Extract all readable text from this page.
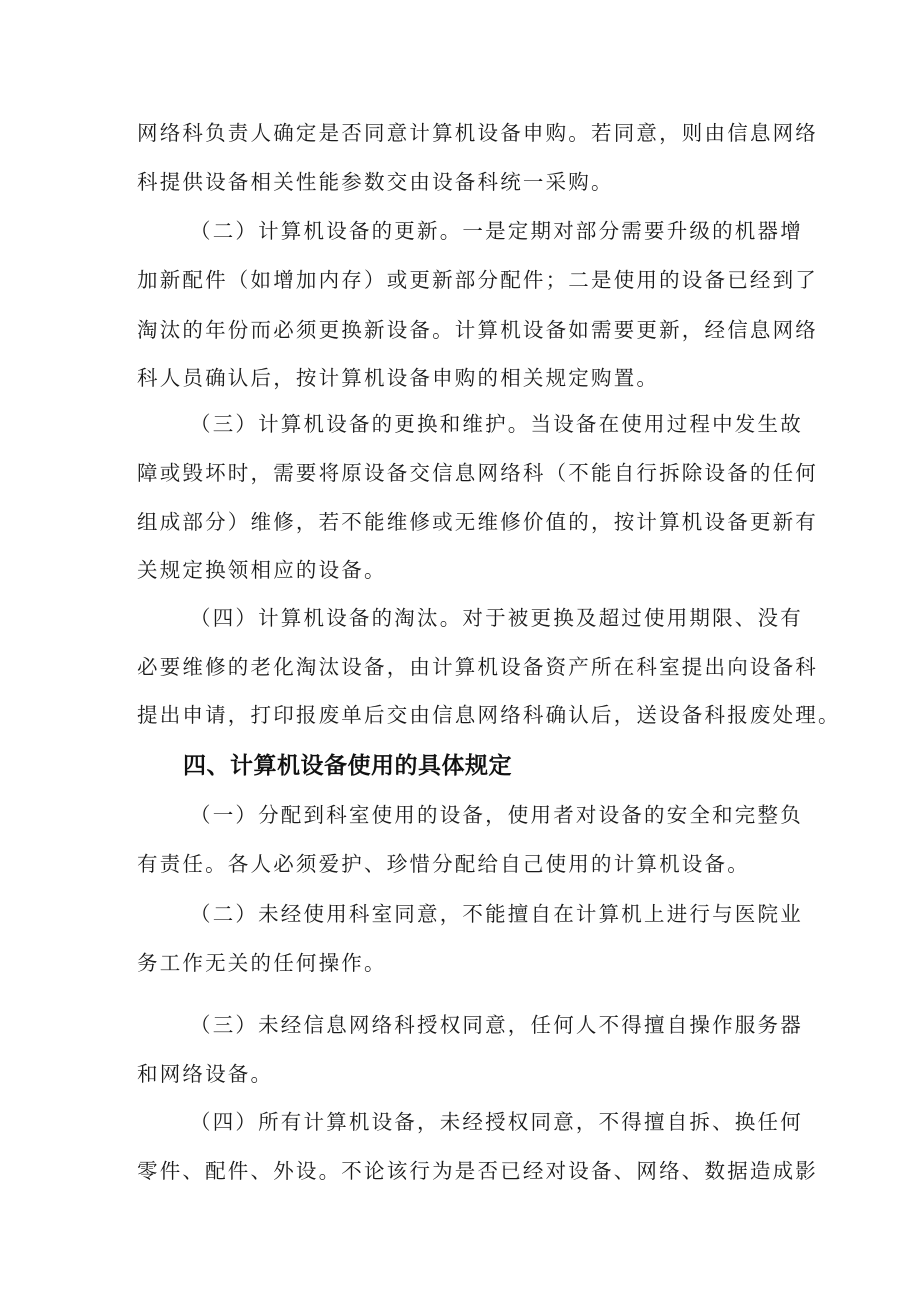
网络科负责人确定是否同意计算机设备申购。若同意，则由信息网络
科提供设备相关性能参数交由设备科统一采购。
（二）计算机设备的更新。一是定期对部分需要升级的机器增
加新配件（如增加内存）或更新部分配件；二是使用的设备已经到了
淘汰的年份而必须更换新设备。计算机设备如需要更新，经信息网络
科人员确认后，按计算机设备申购的相关规定购置。
（三）计算机设备的更换和维护。当设备在使用过程中发生故
障或毁坏时，需要将原设备交信息网络科（不能自行拆除设备的任何
组成部分）维修，若不能维修或无维修价值的，按计算机设备更新有
关规定换领相应的设备。
（四）计算机设备的淘汰。对于被更换及超过使用期限、没有
必要维修的老化淘汰设备，由计算机设备资产所在科室提出向设备科
提出申请，打印报废单后交由信息网络科确认后，送设备科报废处理。
四、计算机设备使用的具体规定
（一）分配到科室使用的设备，使用者对设备的安全和完整负
有责任。各人必须爱护、珍惜分配给自己使用的计算机设备。
（二）未经使用科室同意，不能擅自在计算机上进行与医院业
务工作无关的任何操作。
（三）未经信息网络科授权同意，任何人不得擅自操作服务器
和网络设备。
（四）所有计算机设备，未经授权同意，不得擅自拆、换任何
零件、配件、外设。不论该行为是否已经对设备、网络、数据造成影
